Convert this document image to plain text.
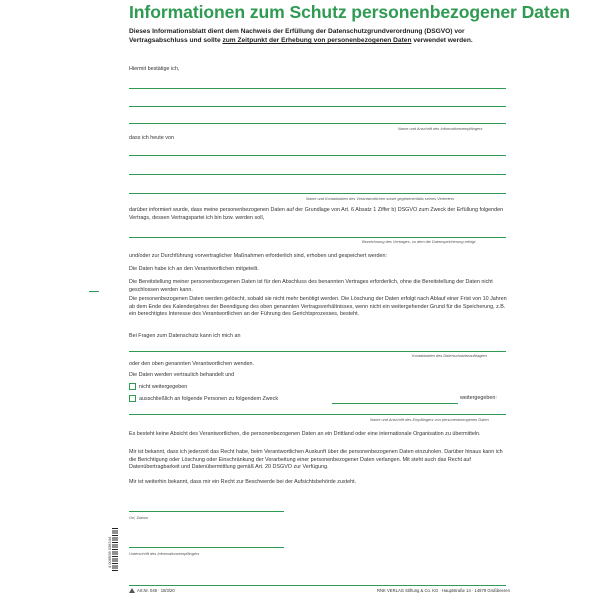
Informationen zum Schutz personenbezogener Daten
Dieses Informationsblatt dient dem Nachweis der Erfüllung der Datenschutzgrundverordnung (DSGVO) vor Vertragsabschluss und sollte zum Zeitpunkt der Erhebung von personenbezogenen Daten verwendet werden.
Hiermit bestätige ich,
Name und Anschrift des Informationsempfängers
dass ich heute von
Name und Kontaktdaten des Verantwortlichen sowie gegebenenfalls seines Vertreters
darüber informiert wurde, dass meine personenbezogenen Daten auf der Grundlage von Art. 6 Absatz 1 Ziffer b) DSGVO zum Zweck der Erfüllung folgenden Vertrags, dessen Vertragspartei ich bin bzw. werden soll,
Bezeichnung des Vertrages, zu dem die Datenspeicherung erfolgt
und/oder zur Durchführung vorvertraglicher Maßnahmen erforderlich sind, erhoben und gespeichert werden:
Die Daten habe ich an den Verantwortlichen mitgeteilt.
Die Bereitstellung meiner personenbezogenen Daten ist für den Abschluss des benannten Vertrages erforderlich, ohne die Bereitstellung der Daten nicht geschlossen werden kann.
Die personenbezogenen Daten werden gelöscht, sobald sie nicht mehr benötigt werden. Die Löschung der Daten erfolgt nach Ablauf einer Frist von 10 Jahren ab dem Ende des Kalenderjahres der Beendigung des oben genannten Vertragsverhältnisses, wenn nicht ein weitergehender Grund für die Speicherung, z.B. ein berechtigtes Interesse des Verantwortlichen an der Führung des Gerichtsprozesses, besteht.
Bei Fragen zum Datenschutz kann ich mich an
Kontaktdaten des Datenschutzbeauftragten
oder den oben genannten Verantwortlichen wenden.
Die Daten werden vertraulich behandelt und
nicht weitergegeben
ausschließlich an folgende Personen zu folgendem Zweck	weitergegeben:
Name und Anschrift des Empfängers von personenbezogenen Daten
Es besteht keine Absicht des Verantwortlichen, die personenbezogenen Daten an ein Drittland oder eine internationale Organisation zu übermitteln.
Mir ist bekannt, dass ich jederzeit das Recht habe, beim Verantwortlichen Auskunft über die personenbezogenen Daten einzuholen. Darüber hinaus kann ich die Berichtigung oder Löschung oder Einschränkung der Verarbeitung einer personenbezogener Daten verlangen. Mit steht auch das Recht auf Datenübertragbarkeit und Datenübermittlung gemäß Art. 20 DSGVO zur Verfügung.
Mir ist weiterhin bekannt, dass mir ein Recht zur Beschwerde bei der Aufsichtsbehörde zusteht.
Ort, Datum
Unterschrift des Informationsempfängers
4 006928 036244
Art.Nr. 049 · 18/3/20	RNK VERLAG Stiftung & Co. KG · Hauptstraße 14 · 14979 Großbeeren
